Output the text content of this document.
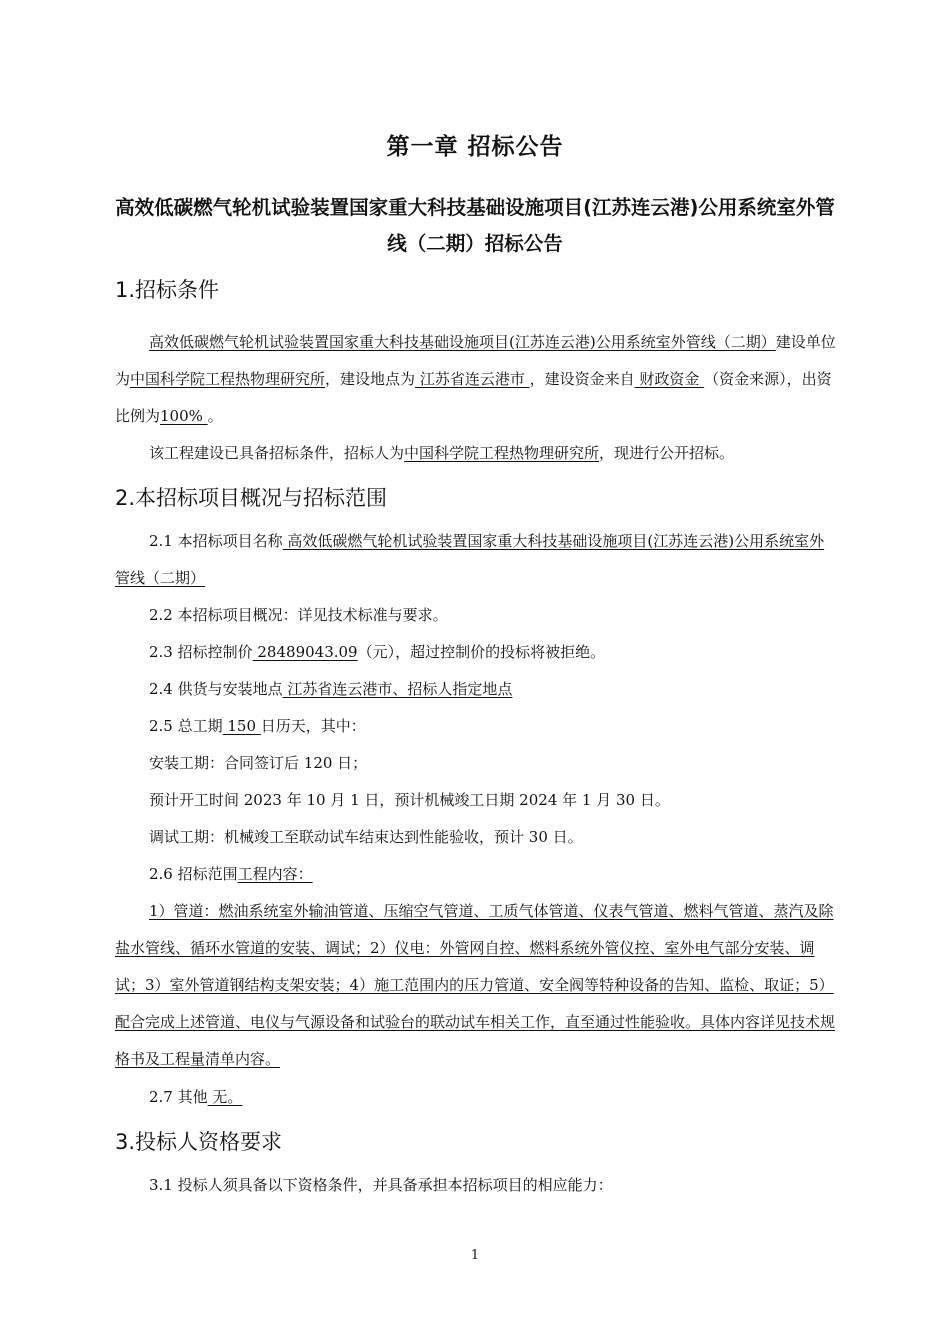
第一章 招标公告
高效低碳燃气轮机试验装置国家重大科技基础设施项目(江苏连云港)公用系统室外管线（二期）招标公告
1.招标条件
高效低碳燃气轮机试验装置国家重大科技基础设施项目(江苏连云港)公用系统室外管线（二期）建设单位为中国科学院工程热物理研究所，建设地点为 江苏省连云港市 ，建设资金来自 财政资金 （资金来源），出资比例为100% 。
该工程建设已具备招标条件，招标人为中国科学院工程热物理研究所，现进行公开招标。
2.本招标项目概况与招标范围
2.1 本招标项目名称 高效低碳燃气轮机试验装置国家重大科技基础设施项目(江苏连云港)公用系统室外管线（二期）
2.2 本招标项目概况：详见技术标准与要求。
2.3 招标控制价 28489043.09（元），超过控制价的投标将被拒绝。
2.4 供货与安装地点 江苏省连云港市、招标人指定地点
2.5 总工期 150 日历天，其中：
安装工期：合同签订后 120 日；
预计开工时间 2023 年 10 月 1 日，预计机械竣工日期 2024 年 1 月 30 日。
调试工期：机械竣工至联动试车结束达到性能验收，预计 30 日。
2.6 招标范围工程内容：
1）管道：燃油系统室外输油管道、压缩空气管道、工质气体管道、仪表气管道、燃料气管道、蒸汽及除盐水管线、循环水管道的安装、调试；2）仪电：外管网自控、燃料系统外管仪控、室外电气部分安装、调试；3）室外管道钢结构支架安装；4）施工范围内的压力管道、安全阀等特种设备的告知、监检、取证；5）配合完成上述管道、电仪与气源设备和试验台的联动试车相关工作，直至通过性能验收。具体内容详见技术规格书及工程量清单内容。
2.7 其他 无。
3.投标人资格要求
3.1 投标人须具备以下资格条件，并具备承担本招标项目的相应能力：
1
